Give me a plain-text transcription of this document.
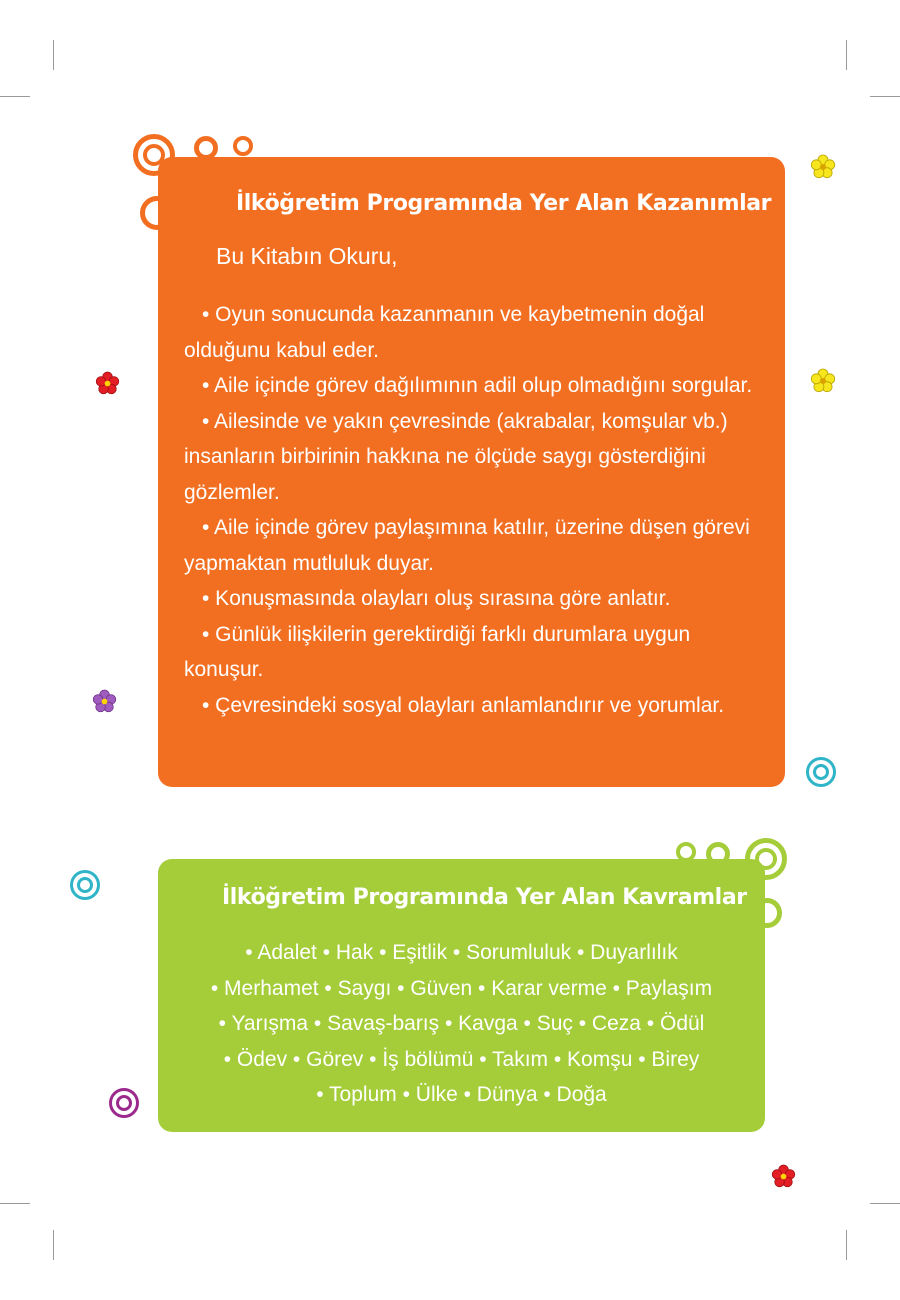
İlköğretim Programında Yer Alan Kazanımlar
Bu Kitabın Okuru,
• Oyun sonucunda kazanmanın ve kaybetmenin doğal olduğunu kabul eder.
• Aile içinde görev dağılımının adil olup olmadığını sorgular.
• Ailesinde ve yakın çevresinde (akrabalar, komşular vb.) insanların birbirinin hakkına ne ölçüde saygı gösterdiğini gözlemler.
• Aile içinde görev paylaşımına katılır, üzerine düşen görevi yapmaktan mutluluk duyar.
• Konuşmasında olayları oluş sırasına göre anlatır.
• Günlük ilişkilerin gerektirdiği farklı durumlara uygun konuşur.
• Çevresindeki sosyal olayları anlamlandırır ve yorumlar.
İlköğretim Programında Yer Alan Kavramlar
• Adalet • Hak • Eşitlik • Sorumluluk • Duyarlılık
• Merhamet • Saygı • Güven • Karar verme • Paylaşım
• Yarışma • Savaş-barış • Kavga • Suç • Ceza • Ödül
• Ödev • Görev • İş bölümü • Takım • Komşu • Birey
• Toplum • Ülke • Dünya • Doğa
